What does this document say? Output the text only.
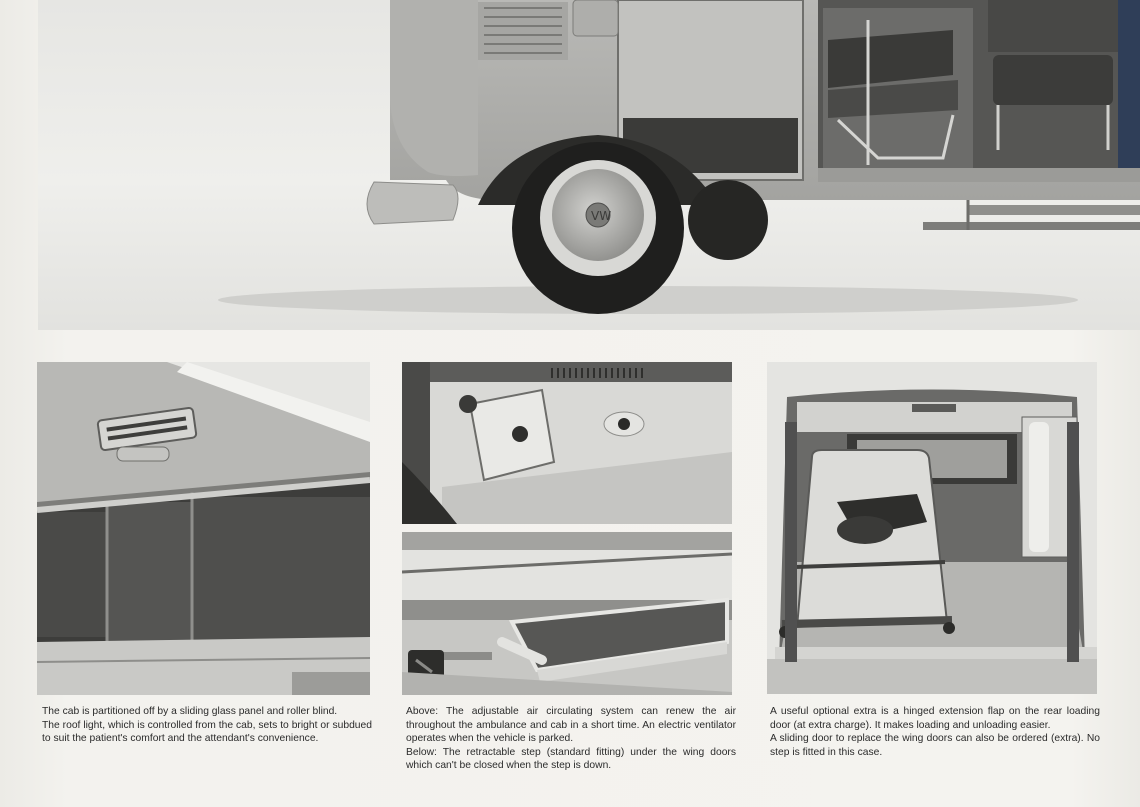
VW

The cab is partitioned off by a sliding glass panel and roller blind.

The roof light, which is controlled from the cab, sets to bright or subdued to suit the patient's comfort and the attendant's convenience.

Above: The adjustable air circulating system can renew the air throughout the ambulance and cab in a short time. An electric ventilator operates when the vehicle is parked.

Below: The retractable step (standard fitting) under the wing doors which can't be closed when the step is down.

A useful optional extra is a hinged extension flap on the rear loading door (at extra charge). It makes loading and unloading easier.

A sliding door to replace the wing doors can also be ordered (extra). No step is fitted in this case.
